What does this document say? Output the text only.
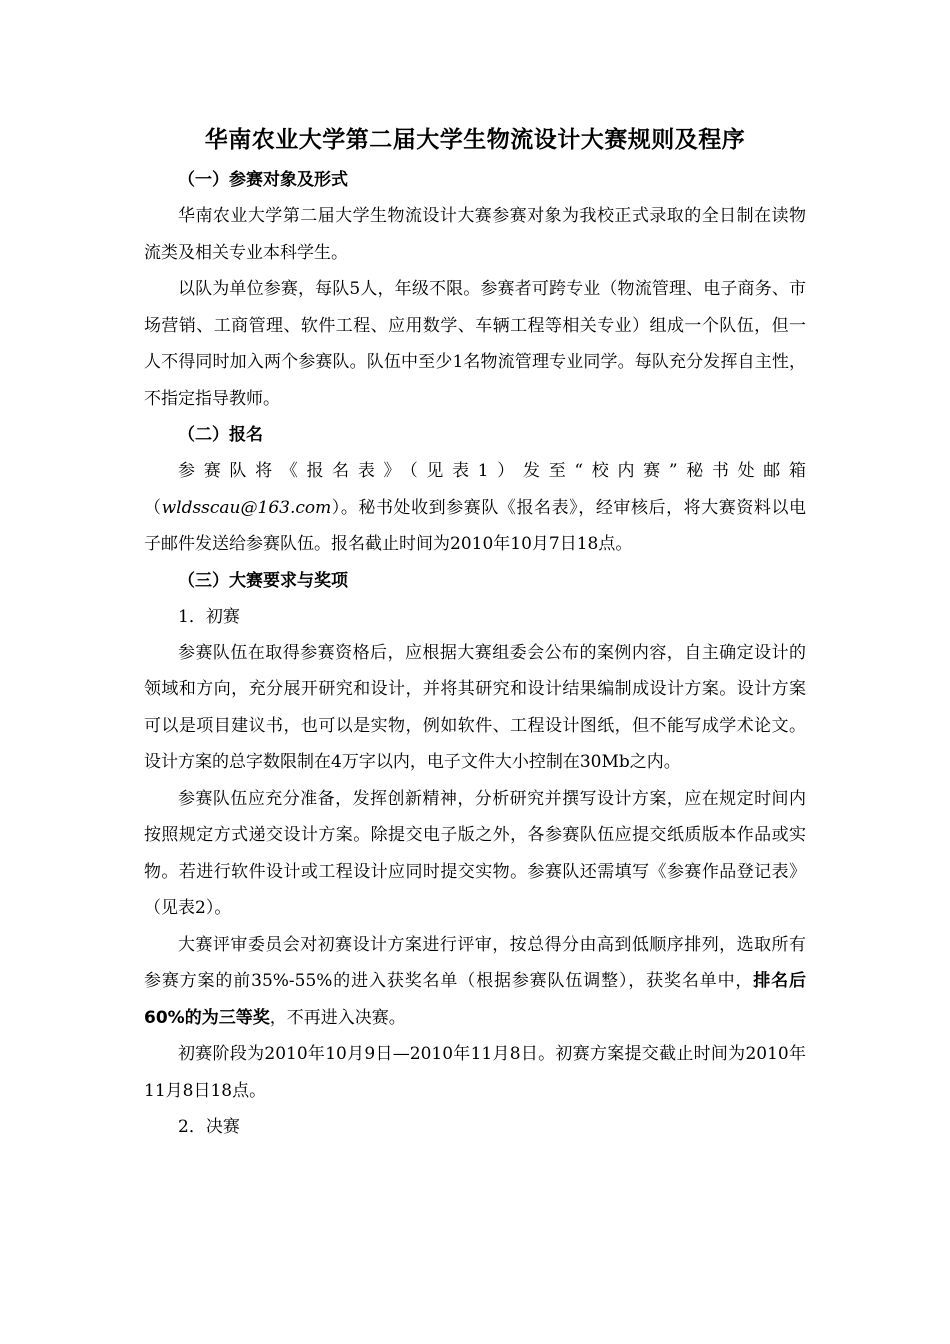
华南农业大学第二届大学生物流设计大赛规则及程序

（一）参赛对象及形式

华南农业大学第二届大学生物流设计大赛参赛对象为我校正式录取的全日制在读物流类及相关专业本科学生。

以队为单位参赛，每队5人，年级不限。参赛者可跨专业（物流管理、电子商务、市场营销、工商管理、软件工程、应用数学、车辆工程等相关专业）组成一个队伍，但一人不得同时加入两个参赛队。队伍中至少1名物流管理专业同学。每队充分发挥自主性，不指定指导教师。

（二）报名

参赛队将《报名表》（见表1）发至“校内赛”秘书处邮箱

（wldsscau@163.com）。秘书处收到参赛队《报名表》，经审核后，将大赛资料以电子邮件发送给参赛队伍。报名截止时间为2010年10月7日18点。

（三）大赛要求与奖项

1．初赛

参赛队伍在取得参赛资格后，应根据大赛组委会公布的案例内容，自主确定设计的领域和方向，充分展开研究和设计，并将其研究和设计结果编制成设计方案。设计方案可以是项目建议书，也可以是实物，例如软件、工程设计图纸，但不能写成学术论文。设计方案的总字数限制在4万字以内，电子文件大小控制在30Mb之内。

参赛队伍应充分准备，发挥创新精神，分析研究并撰写设计方案，应在规定时间内按照规定方式递交设计方案。除提交电子版之外，各参赛队伍应提交纸质版本作品或实物。若进行软件设计或工程设计应同时提交实物。参赛队还需填写《参赛作品登记表》（见表2）。

大赛评审委员会对初赛设计方案进行评审，按总得分由高到低顺序排列，选取所有参赛方案的前35%-55%的进入获奖名单（根据参赛队伍调整），获奖名单中，排名后60%的为三等奖，不再进入决赛。

初赛阶段为2010年10月9日—2010年11月8日。初赛方案提交截止时间为2010年11月8日18点。

2．决赛
